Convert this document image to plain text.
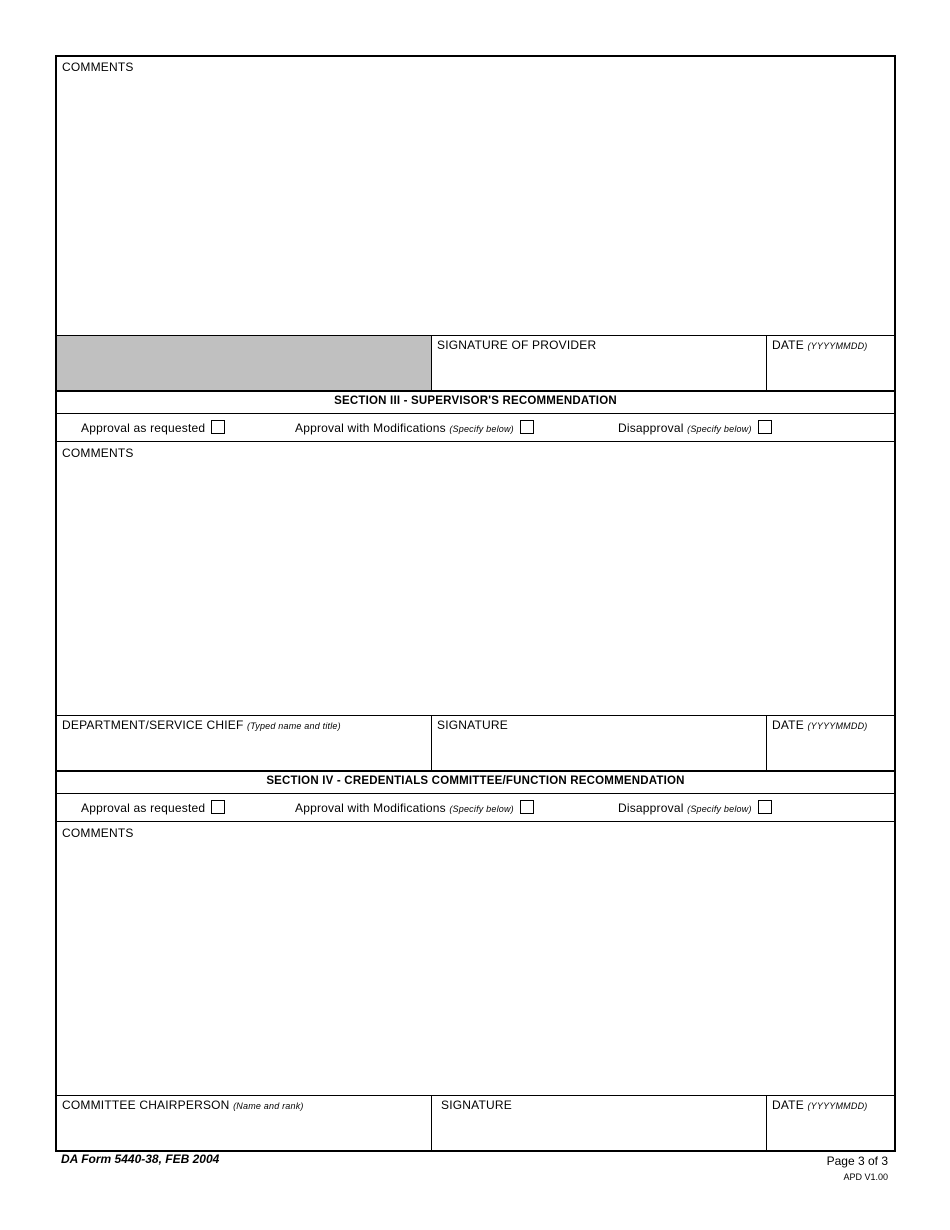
COMMENTS
SIGNATURE OF PROVIDER	DATE (YYYYMMDD)
SECTION III - SUPERVISOR'S RECOMMENDATION
Approval as requested	Approval with Modifications (Specify below)	Disapproval (Specify below)
COMMENTS
DEPARTMENT/SERVICE CHIEF (Typed name and title)	SIGNATURE	DATE (YYYYMMDD)
SECTION IV - CREDENTIALS COMMITTEE/FUNCTION RECOMMENDATION
Approval as requested	Approval with Modifications (Specify below)	Disapproval (Specify below)
COMMENTS
COMMITTEE CHAIRPERSON (Name and rank)	SIGNATURE	DATE (YYYYMMDD)
DA Form 5440-38, FEB 2004	Page 3 of 3
APD V1.00
